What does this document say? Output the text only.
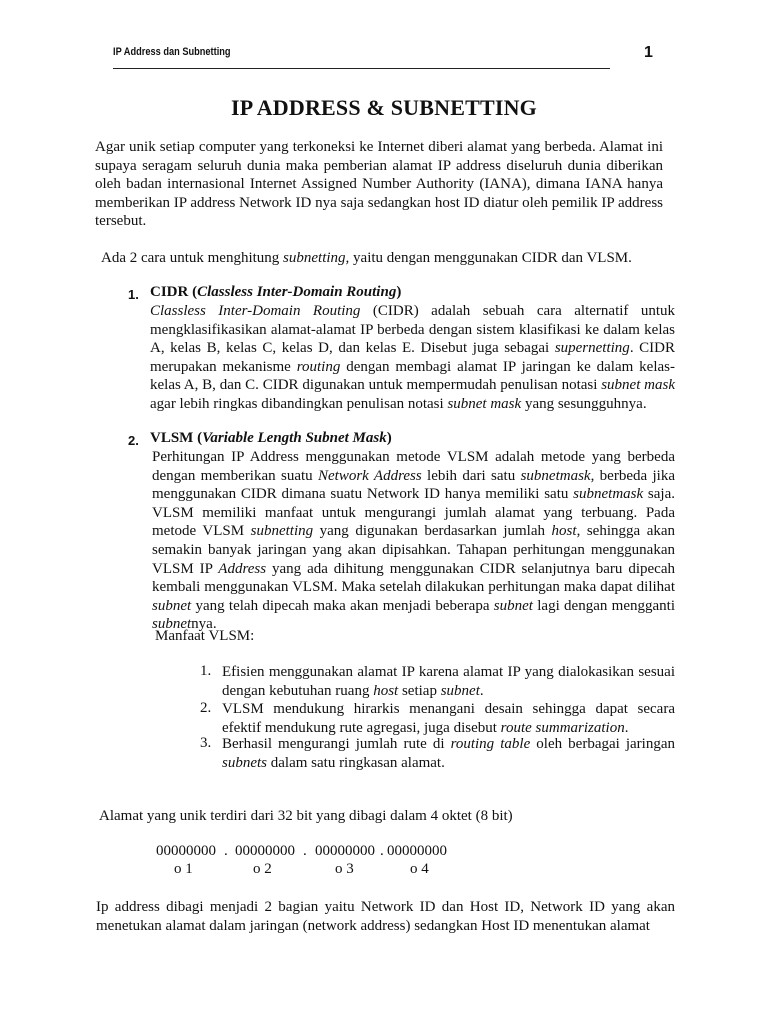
IP Address dan Subnetting	1
IP ADDRESS & SUBNETTING
Agar unik setiap computer yang terkoneksi ke Internet diberi alamat yang berbeda. Alamat ini supaya seragam seluruh dunia maka pemberian alamat IP address diseluruh dunia diberikan oleh badan internasional Internet Assigned Number Authority (IANA), dimana IANA hanya memberikan IP address Network ID nya saja sedangkan host ID diatur oleh pemilik IP address tersebut.
Ada 2 cara untuk menghitung subnetting, yaitu dengan menggunakan CIDR dan VLSM.
1. CIDR (Classless Inter-Domain Routing)
Classless Inter-Domain Routing (CIDR) adalah sebuah cara alternatif untuk mengklasifikasikan alamat-alamat IP berbeda dengan sistem klasifikasi ke dalam kelas A, kelas B, kelas C, kelas D, dan kelas E. Disebut juga sebagai supernetting. CIDR merupakan mekanisme routing dengan membagi alamat IP jaringan ke dalam kelas-kelas A, B, dan C. CIDR digunakan untuk mempermudah penulisan notasi subnet mask agar lebih ringkas dibandingkan penulisan notasi subnet mask yang sesungguhnya.
2. VLSM (Variable Length Subnet Mask)
Perhitungan IP Address menggunakan metode VLSM adalah metode yang berbeda dengan memberikan suatu Network Address lebih dari satu subnetmask, berbeda jika menggunakan CIDR dimana suatu Network ID hanya memiliki satu subnetmask saja. VLSM memiliki manfaat untuk mengurangi jumlah alamat yang terbuang. Pada metode VLSM subnetting yang digunakan berdasarkan jumlah host, sehingga akan semakin banyak jaringan yang akan dipisahkan. Tahapan perhitungan menggunakan VLSM IP Address yang ada dihitung menggunakan CIDR selanjutnya baru dipecah kembali menggunakan VLSM. Maka setelah dilakukan perhitungan maka dapat dilihat subnet yang telah dipecah maka akan menjadi beberapa subnet lagi dengan mengganti subnetnya.
Manfaat VLSM:
1. Efisien menggunakan alamat IP karena alamat IP yang dialokasikan sesuai dengan kebutuhan ruang host setiap subnet.
2. VLSM mendukung hirarkis menangani desain sehingga dapat secara efektif mendukung rute agregasi, juga disebut route summarization.
3. Berhasil mengurangi jumlah rute di routing table oleh berbagai jaringan subnets dalam satu ringkasan alamat.
Alamat yang unik terdiri dari 32 bit yang dibagi dalam 4 oktet (8 bit)
00000000 . 00000000 . 00000000 . 00000000
o 1	o 2	o 3	o 4
Ip address dibagi menjadi 2 bagian yaitu Network ID dan Host ID, Network ID yang akan menetukan alamat dalam jaringan (network address) sedangkan Host ID menentukan alamat
